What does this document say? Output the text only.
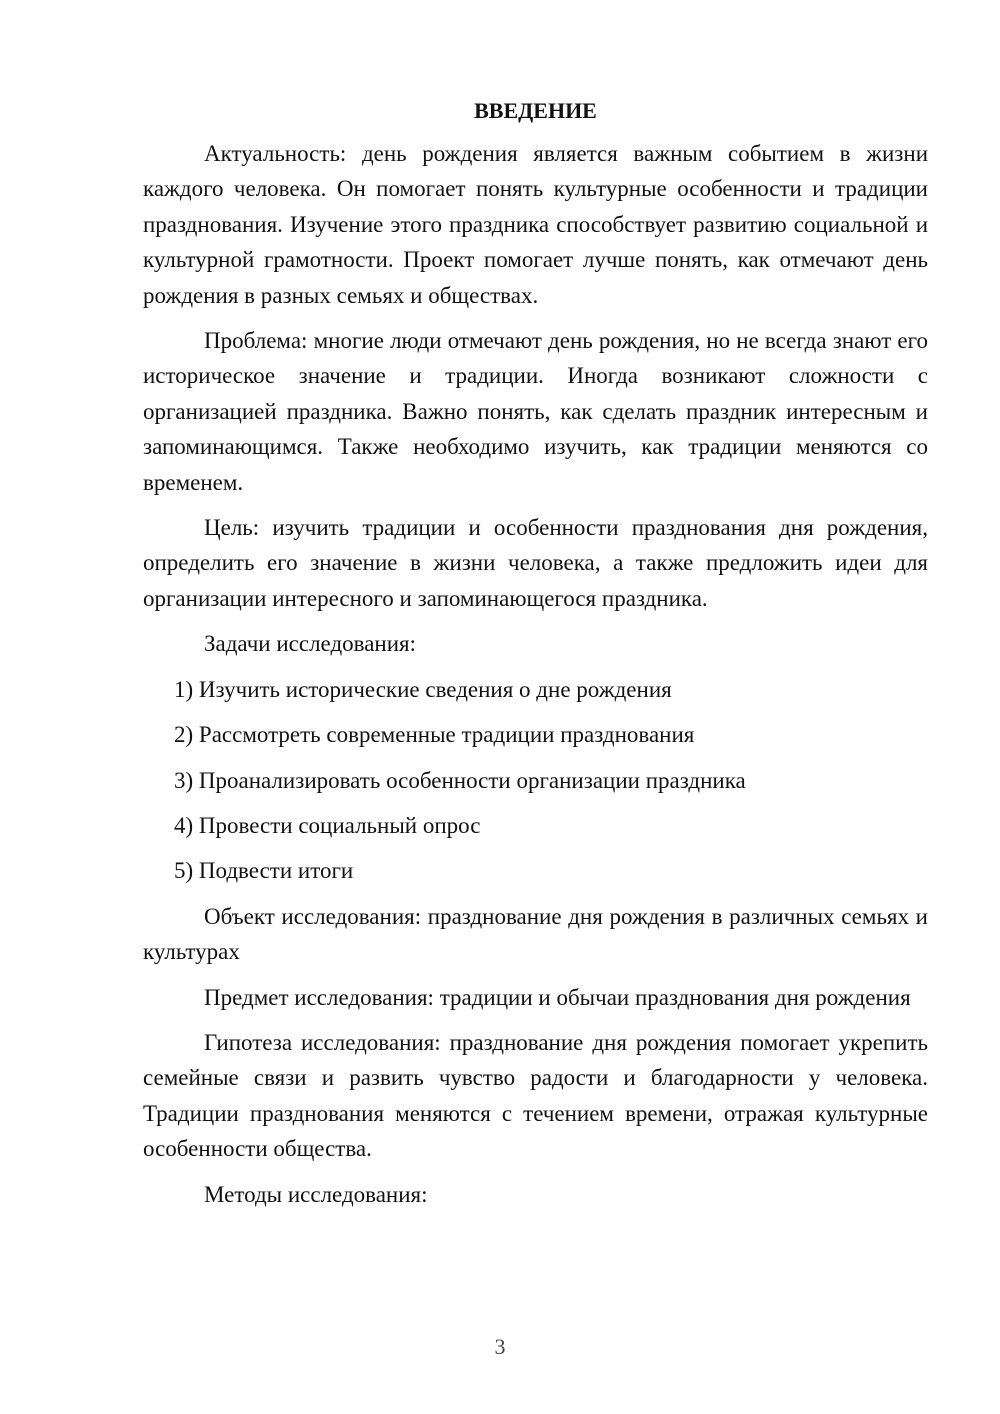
ВВЕДЕНИЕ

Актуальность: день рождения является важным событием в жизни каждого человека. Он помогает понять культурные особенности и традиции празднования. Изучение этого праздника способствует развитию социальной и культурной грамотности. Проект помогает лучше понять, как отмечают день рождения в разных семьях и обществах.

Проблема: многие люди отмечают день рождения, но не всегда знают его историческое значение и традиции. Иногда возникают сложности с организацией праздника. Важно понять, как сделать праздник интересным и запоминающимся. Также необходимо изучить, как традиции меняются со временем.

Цель: изучить традиции и особенности празднования дня рождения, определить его значение в жизни человека, а также предложить идеи для организации интересного и запоминающегося праздника.

Задачи исследования:

1) Изучить исторические сведения о дне рождения
2) Рассмотреть современные традиции празднования
3) Проанализировать особенности организации праздника
4) Провести социальный опрос
5) Подвести итоги

Объект исследования: празднование дня рождения в различных семьях и культурах

Предмет исследования: традиции и обычаи празднования дня рождения

Гипотеза исследования: празднование дня рождения помогает укрепить семейные связи и развить чувство радости и благодарности у человека. Традиции празднования меняются с течением времени, отражая культурные особенности общества.

Методы исследования:

3
